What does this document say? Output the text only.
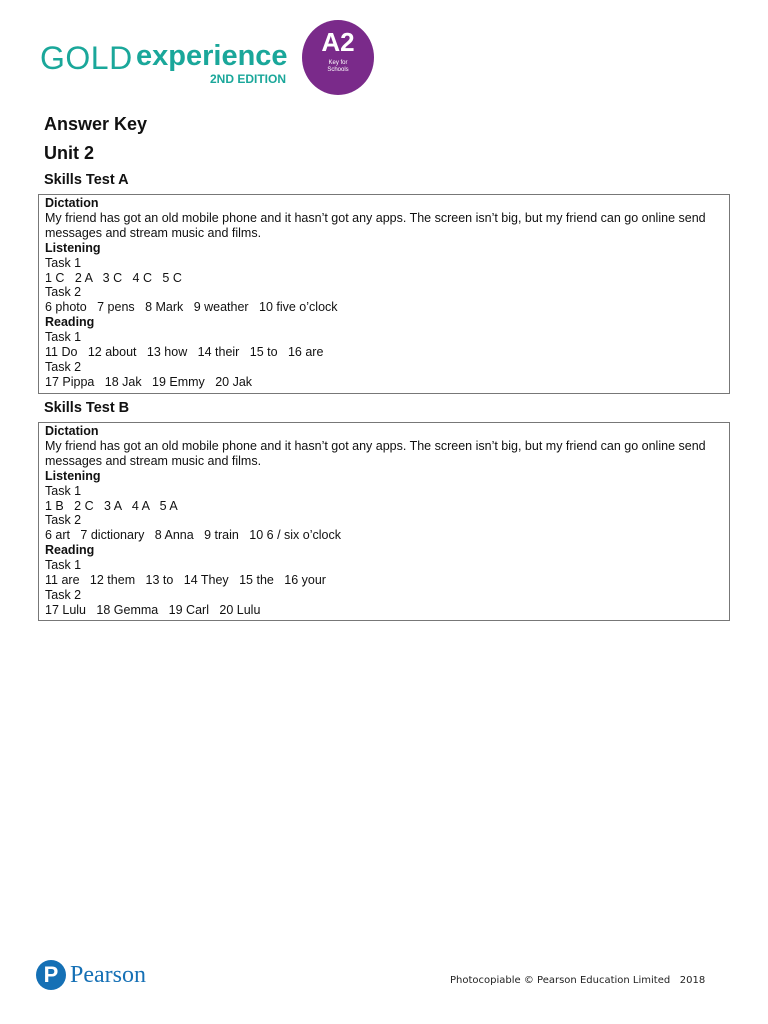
GOLD experience
2ND EDITION
A2
Key for
Schools
Answer Key
Unit 2
Skills Test A
Dictation
My friend has got an old mobile phone and it hasn’t got any apps. The screen isn’t big, but my friend can go online send messages and stream music and films.
Listening
Task 1
1 C   2 A   3 C   4 C   5 C
Task 2
6 photo   7 pens   8 Mark   9 weather   10 five o’clock
Reading
Task 1
11 Do   12 about   13 how   14 their   15 to   16 are
Task 2
17 Pippa   18 Jak   19 Emmy   20 Jak
Skills Test B
Dictation
My friend has got an old mobile phone and it hasn’t got any apps. The screen isn’t big, but my friend can go online send messages and stream music and films.
Listening
Task 1
1 B   2 C   3 A   4 A   5 A
Task 2
6 art   7 dictionary   8 Anna   9 train   10 6 / six o’clock
Reading
Task 1
11 are   12 them   13 to   14 They   15 the   16 your
Task 2
17 Lulu   18 Gemma   19 Carl   20 Lulu
P Pearson	Photocopiable © Pearson Education Limited   2018
